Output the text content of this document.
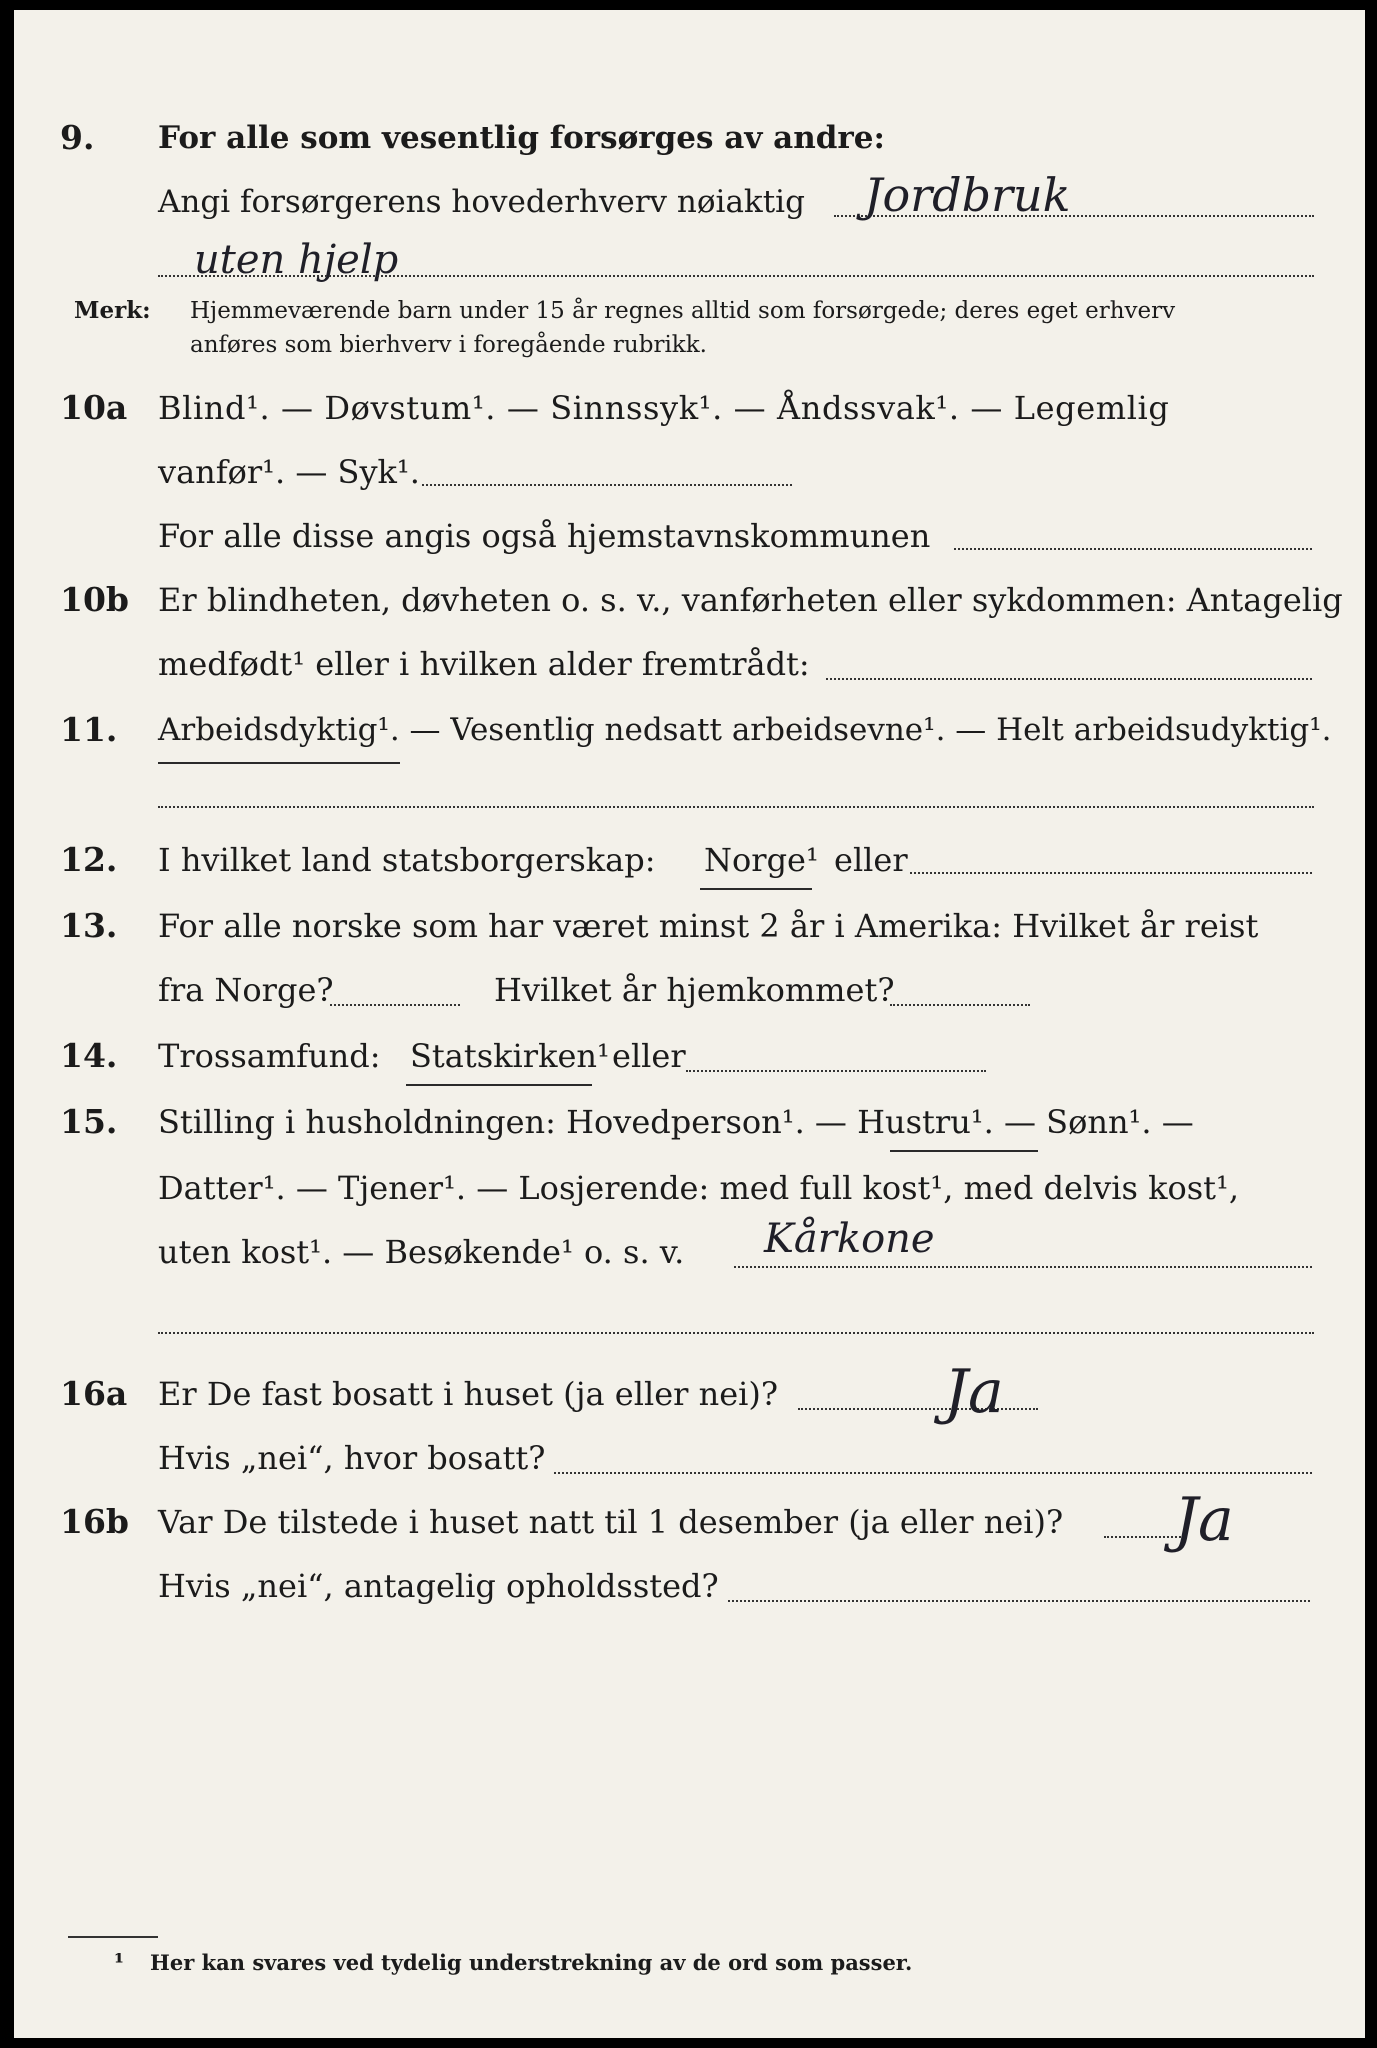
9. For alle som vesentlig forsørges av andre:
Angi forsørgerens hovederhverv nøiaktig Jordbruk
uten hjelp
Merk: Hjemmeværende barn under 15 år regnes alltid som forsørgede; deres eget erhverv
anføres som bierhverv i foregående rubrikk.
10a Blind¹. — Døvstum¹. — Sinnssyk¹. — Åndssvak¹. — Legemlig
vanfør¹. — Syk¹.
For alle disse angis også hjemstavnskommunen
10b Er blindheten, døvheten o. s. v., vanførheten eller sykdommen: Antagelig
medfødt¹ eller i hvilken alder fremtrådt:
11. Arbeidsdyktig¹. — Vesentlig nedsatt arbeidsevne¹. — Helt arbeidsudyktig¹.
12. I hvilket land statsborgerskap: Norge¹ eller
13. For alle norske som har været minst 2 år i Amerika: Hvilket år reist
fra Norge?	Hvilket år hjemkommet?
14. Trossamfund: Statskirken¹ eller
15. Stilling i husholdningen: Hovedperson¹. — Hustru¹. — Sønn¹. —
Datter¹. — Tjener¹. — Losjerende: med full kost¹, med delvis kost¹,
uten kost¹. — Besøkende¹ o. s. v. Kårkone
16a Er De fast bosatt i huset (ja eller nei)?	Ja
Hvis „nei“, hvor bosatt?
16b Var De tilstede i huset natt til 1 desember (ja eller nei)? Ja
Hvis „nei“, antagelig opholdssted?
¹ Her kan svares ved tydelig understrekning av de ord som passer.
